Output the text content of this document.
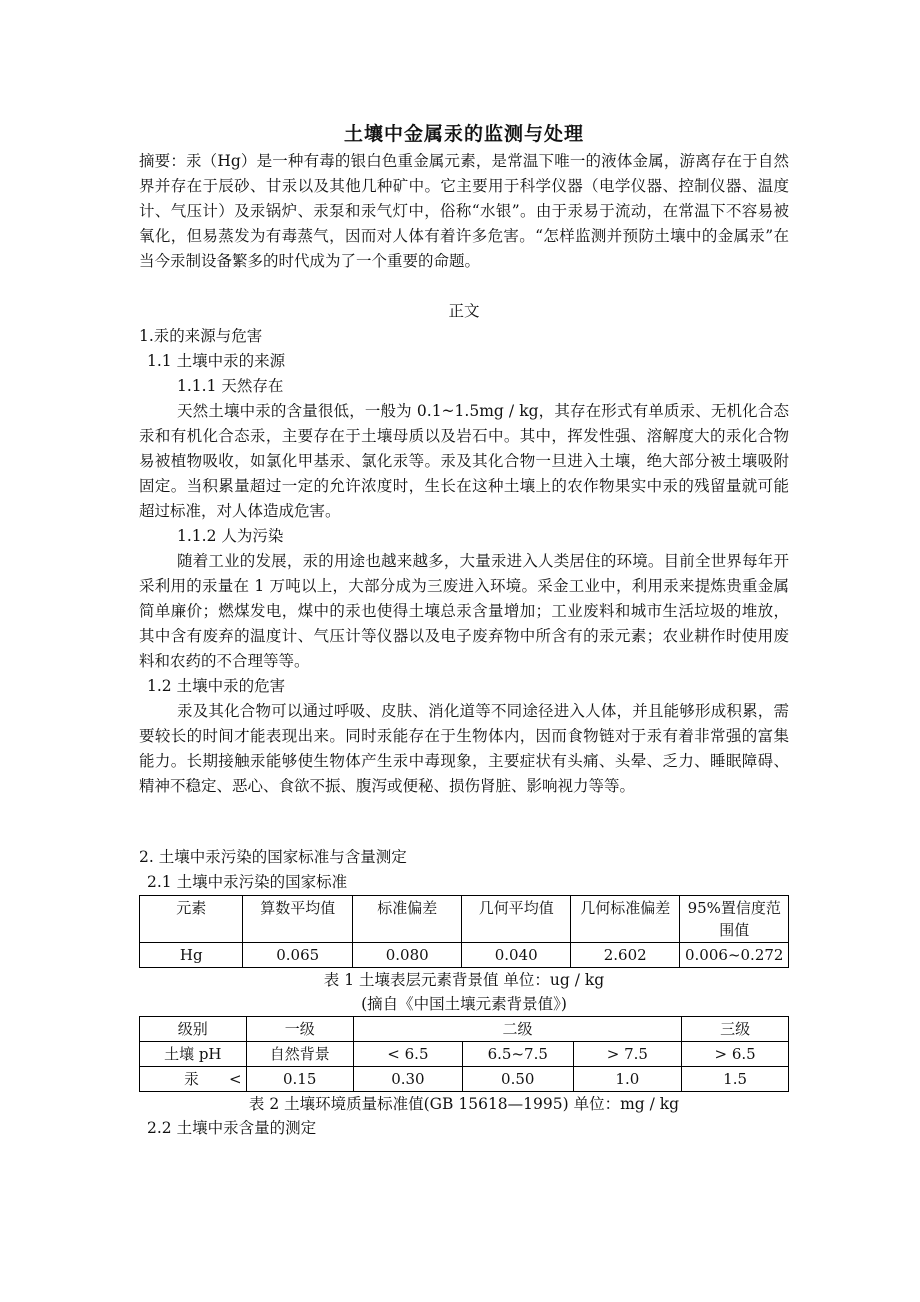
土壤中金属汞的监测与处理

摘要：汞（Hg）是一种有毒的银白色重金属元素，是常温下唯一的液体金属，游离存在于自然界并存在于辰砂、甘汞以及其他几种矿中。它主要用于科学仪器（电学仪器、控制仪器、温度计、气压计）及汞锅炉、汞泵和汞气灯中，俗称“水银”。由于汞易于流动，在常温下不容易被氧化，但易蒸发为有毒蒸气，因而对人体有着许多危害。“怎样监测并预防土壤中的金属汞”在当今汞制设备繁多的时代成为了一个重要的命题。

正文

1.汞的来源与危害

1.1 土壤中汞的来源

1.1.1 天然存在

天然土壤中汞的含量很低，一般为 0.1~1.5mg / kg，其存在形式有单质汞、无机化合态汞和有机化合态汞，主要存在于土壤母质以及岩石中。其中，挥发性强、溶解度大的汞化合物易被植物吸收，如氯化甲基汞、氯化汞等。汞及其化合物一旦进入土壤，绝大部分被土壤吸附固定。当积累量超过一定的允许浓度时，生长在这种土壤上的农作物果实中汞的残留量就可能超过标准，对人体造成危害。

1.1.2 人为污染

随着工业的发展，汞的用途也越来越多，大量汞进入人类居住的环境。目前全世界每年开采利用的汞量在 1 万吨以上，大部分成为三废进入环境。采金工业中，利用汞来提炼贵重金属简单廉价；燃煤发电，煤中的汞也使得土壤总汞含量增加；工业废料和城市生活垃圾的堆放，其中含有废弃的温度计、气压计等仪器以及电子废弃物中所含有的汞元素；农业耕作时使用废料和农药的不合理等等。

1.2 土壤中汞的危害

汞及其化合物可以通过呼吸、皮肤、消化道等不同途径进入人体，并且能够形成积累，需要较长的时间才能表现出来。同时汞能存在于生物体内，因而食物链对于汞有着非常强的富集能力。长期接触汞能够使生物体产生汞中毒现象，主要症状有头痛、头晕、乏力、睡眠障碍、精神不稳定、恶心、食欲不振、腹泻或便秘、损伤肾脏、影响视力等等。

2. 土壤中汞污染的国家标准与含量测定

2.1 土壤中汞污染的国家标准

元素	算数平均值	标准偏差	几何平均值	几何标准偏差	95%置信度范围值
Hg	0.065	0.080	0.040	2.602	0.006~0.272

表 1 土壤表层元素背景值 单位：ug / kg

(摘自《中国土壤元素背景值》)

级别	一级	二级			三级
土壤 pH	自然背景	< 6.5	6.5~7.5	> 7.5	> 6.5
汞 <	0.15	0.30	0.50	1.0	1.5

表 2 土壤环境质量标准值(GB 15618—1995) 单位：mg / kg

2.2 土壤中汞含量的测定
